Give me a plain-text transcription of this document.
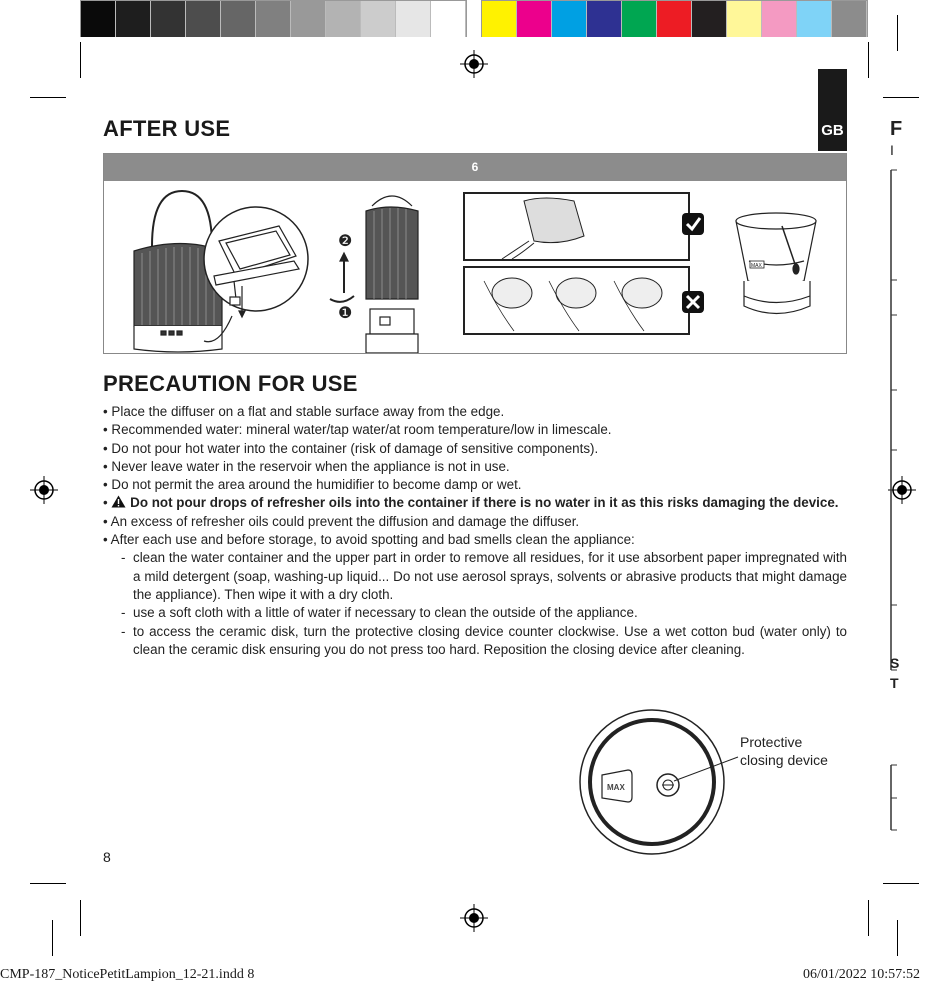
F
I
S
T
GB
AFTER USE
6
❷
❶
MAX
PRECAUTION FOR USE

• Place the diffuser on a flat and stable surface away from the edge.

• Recommended water: mineral water/tap water/at room temperature/low in limescale.

• Do not pour hot water into the container (risk of damage of sensitive components).

• Never leave water in the reservoir when the appliance is not in use.

• Do not permit the area around the humidifier to become damp or wet.

•  Do not pour drops of refresher oils into the container if there is no water in it as this risks damaging the device.

• An excess of refresher oils could prevent the diffusion and damage the diffuser.

• After each use and before storage, to avoid spotting and bad smells clean the appliance:

- clean the water container and the upper part in order to remove all residues, for it use absorbent paper impregnated with a mild detergent (soap, washing-up liquid... Do not use aerosol sprays, solvents or abrasive products that might damage the appliance). Then wipe it with a dry cloth.
- use a soft cloth with a little of water if necessary to clean the outside of the appliance.
- to access the ceramic disk, turn the protective closing device counter clockwise. Use a wet cotton bud (water only) to clean the ceramic disk ensuring you do not press too hard. Reposition the closing device after cleaning.
MAX
Protective
closing device
8
CMP-187_NoticePetitLampion_12-21.indd 8	06/01/2022 10:57:52
